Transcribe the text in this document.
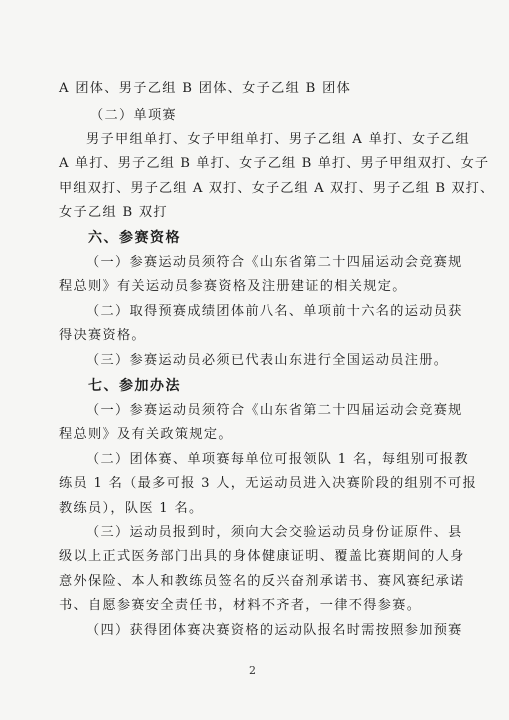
A 团体、男子乙组 B 团体、女子乙组 B 团体
（二）单项赛
男子甲组单打、女子甲组单打、男子乙组 A 单打、女子乙组
A 单打、男子乙组 B 单打、女子乙组 B 单打、男子甲组双打、女子
甲组双打、男子乙组 A 双打、女子乙组 A 双打、男子乙组 B 双打、
女子乙组 B 双打
六、参赛资格
（一）参赛运动员须符合《山东省第二十四届运动会竞赛规
程总则》有关运动员参赛资格及注册建证的相关规定。
（二）取得预赛成绩团体前八名、单项前十六名的运动员获
得决赛资格。
（三）参赛运动员必须已代表山东进行全国运动员注册。
七、参加办法
（一）参赛运动员须符合《山东省第二十四届运动会竞赛规
程总则》及有关政策规定。
（二）团体赛、单项赛每单位可报领队 1 名，每组别可报教
练员 1 名（最多可报 3 人，无运动员进入决赛阶段的组别不可报
教练员），队医 1 名。
（三）运动员报到时，须向大会交验运动员身份证原件、县
级以上正式医务部门出具的身体健康证明、覆盖比赛期间的人身
意外保险、本人和教练员签名的反兴奋剂承诺书、赛风赛纪承诺
书、自愿参赛安全责任书，材料不齐者，一律不得参赛。
（四）获得团体赛决赛资格的运动队报名时需按照参加预赛
2
